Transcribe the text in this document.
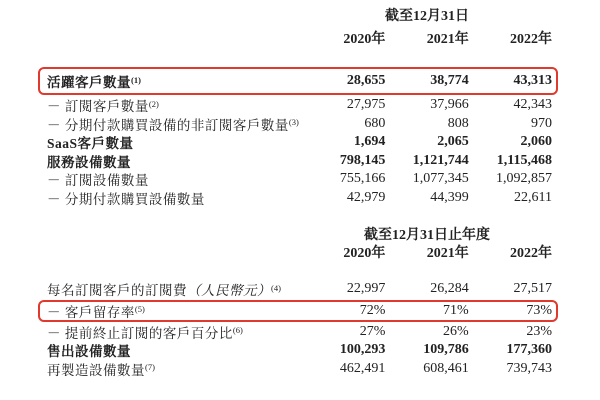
截至12月31日
2020年	2021年	2022年
活躍客戶數量$^{(1)}$	28,655	38,774	43,313
－ 訂閱客戶數量$^{(2)}$	27,975	37,966	42,343
－ 分期付款購買設備的非訂閱客戶數量$^{(3)}$	680	808	970
SaaS客戶數量	1,694	2,065	2,060
服務設備數量	798,145	1,121,744	1,115,468
－ 訂閱設備數量	755,166	1,077,345	1,092,857
－ 分期付款購買設備數量	42,979	44,399	22,611
截至12月31日止年度
2020年	2021年	2022年
每名訂閱客戶的訂閱費（人民幣元）$^{(4)}$	22,997	26,284	27,517
－ 客戶留存率$^{(5)}$	72%	71%	73%
－ 提前終止訂閱的客戶百分比$^{(6)}$	27%	26%	23%
售出設備數量	100,293	109,786	177,360
再製造設備數量$^{(7)}$	462,491	608,461	739,743
